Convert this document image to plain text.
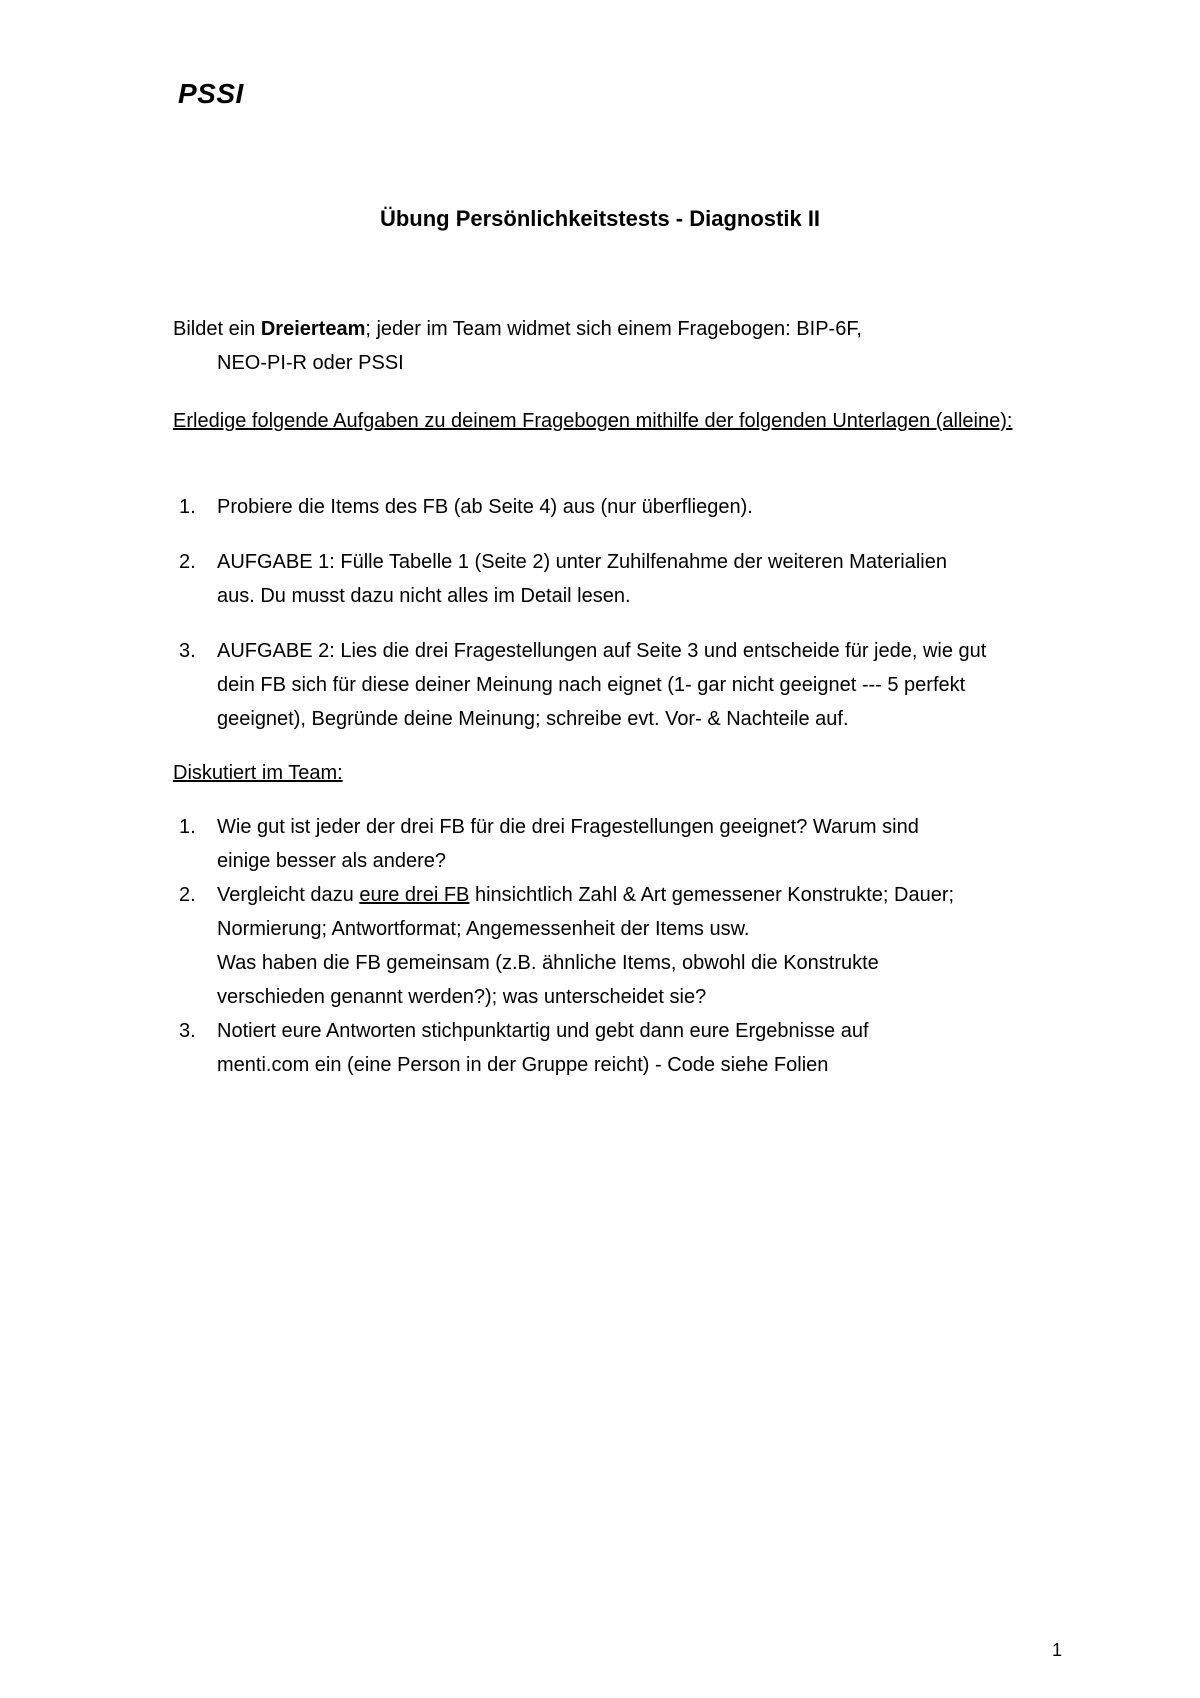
PSSI
Übung Persönlichkeitstests - Diagnostik II

Bildet ein Dreierteam; jeder im Team widmet sich einem Fragebogen: BIP-6F,
NEO-PI-R oder PSSI

Erledige folgende Aufgaben zu deinem Fragebogen mithilfe der folgenden Unterlagen (alleine):

1. Probiere die Items des FB (ab Seite 4) aus (nur überfliegen).
2. AUFGABE 1: Fülle Tabelle 1 (Seite 2) unter Zuhilfenahme der weiteren Materialien
aus. Du musst dazu nicht alles im Detail lesen.
3. AUFGABE 2: Lies die drei Fragestellungen auf Seite 3 und entscheide für jede, wie gut
dein FB sich für diese deiner Meinung nach eignet (1- gar nicht geeignet --- 5 perfekt
geeignet), Begründe deine Meinung; schreibe evt. Vor- & Nachteile auf.

Diskutiert im Team:

1. Wie gut ist jeder der drei FB für die drei Fragestellungen geeignet? Warum sind
einige besser als andere?
2. Vergleicht dazu eure drei FB hinsichtlich Zahl & Art gemessener Konstrukte; Dauer;
Normierung; Antwortformat; Angemessenheit der Items usw.
Was haben die FB gemeinsam (z.B. ähnliche Items, obwohl die Konstrukte
verschieden genannt werden?); was unterscheidet sie?
3. Notiert eure Antworten stichpunktartig und gebt dann eure Ergebnisse auf
menti.com ein (eine Person in der Gruppe reicht) - Code siehe Folien
1
